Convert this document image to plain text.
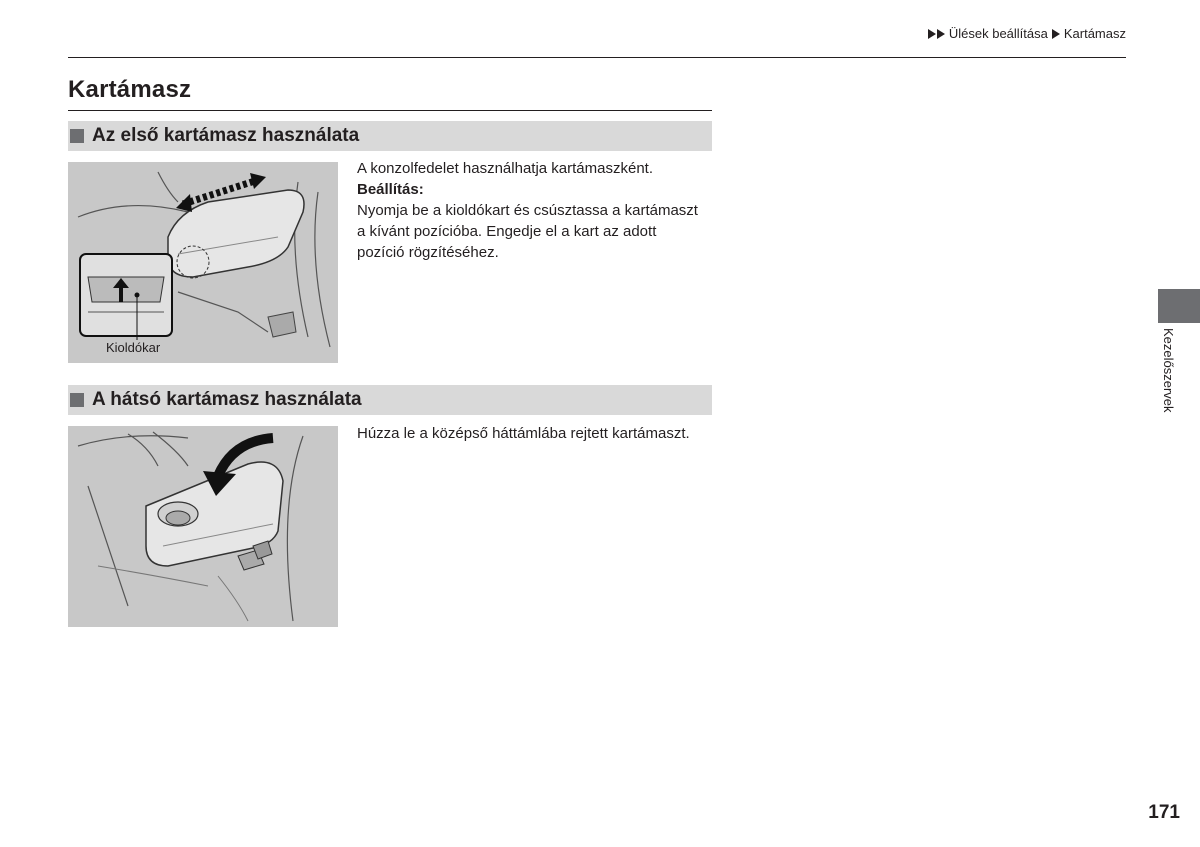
Ülések beállítása Kartámasz
Kartámasz
Az első kartámasz használata
Kioldókar

A konzolfedelet használhatja kartámaszként.

Beállítás:

Nyomja be a kioldókart és csúsztassa a kartámaszt

a kívánt pozícióba. Engedje el a kart az adott

pozíció rögzítéséhez.

A hátsó kartámasz használata

Húzza le a középső háttámlába rejtett kartámaszt.

Kezelőszervek
171
